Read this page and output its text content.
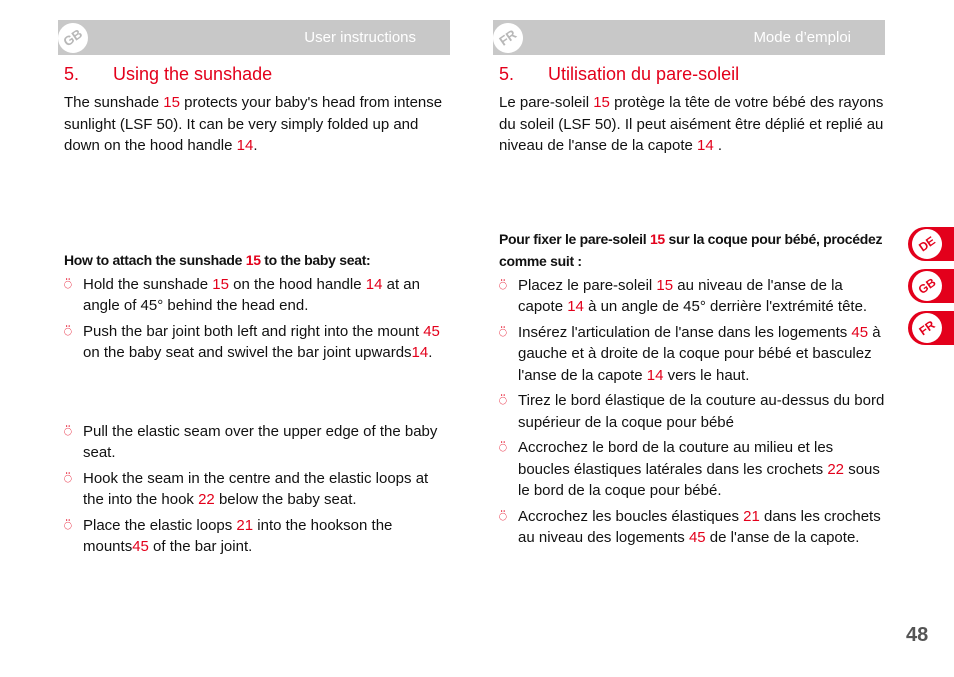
GB	User instructions
5. Using the sunshade

The sunshade 15 protects your baby's head from intense sunlight (LSF 50). It can be very simply folded up and down on the hood handle 14.

How to attach the sunshade 15 to the baby seat:

⍥ Hold the sunshade 15 on the hood handle 14 at an angle of 45° behind the head end.
⍥ Push the bar joint both left and right into the mount 45 on the baby seat and swivel the bar joint upwards14.
⍥ Pull the elastic seam over the upper edge of the baby seat.
⍥ Hook the seam in the centre and the elastic loops at the into the hook 22 below the baby seat.
⍥ Place the elastic loops 21 into the hookson the mounts45 of the bar joint.
FR	Mode d’emploi
5. Utilisation du pare-soleil

Le pare-soleil 15 protège la tête de votre bébé des rayons du soleil (LSF 50). Il peut aisément être déplié et replié au niveau de l'anse de la capote 14 .

Pour fixer le pare-soleil 15 sur la coque pour bébé, procédez comme suit :

⍥ Placez le pare-soleil 15 au niveau de l'anse de la capote 14 à un angle de 45° derrière l'extrémité tête.
⍥ Insérez l'articulation de l'anse dans les logements 45 à gauche et à droite de la coque pour bébé et basculez l'anse de la capote 14 vers le haut.
⍥ Tirez le bord élastique de la couture au-dessus du bord supérieur de la coque pour bébé
⍥ Accrochez le bord de la couture au milieu et les boucles élastiques latérales dans les crochets 22 sous le bord de la coque pour bébé.
⍥ Accrochez les boucles élastiques 21 dans les crochets au niveau des logements 45 de l'anse de la capote.
DE
GB
FR
48
